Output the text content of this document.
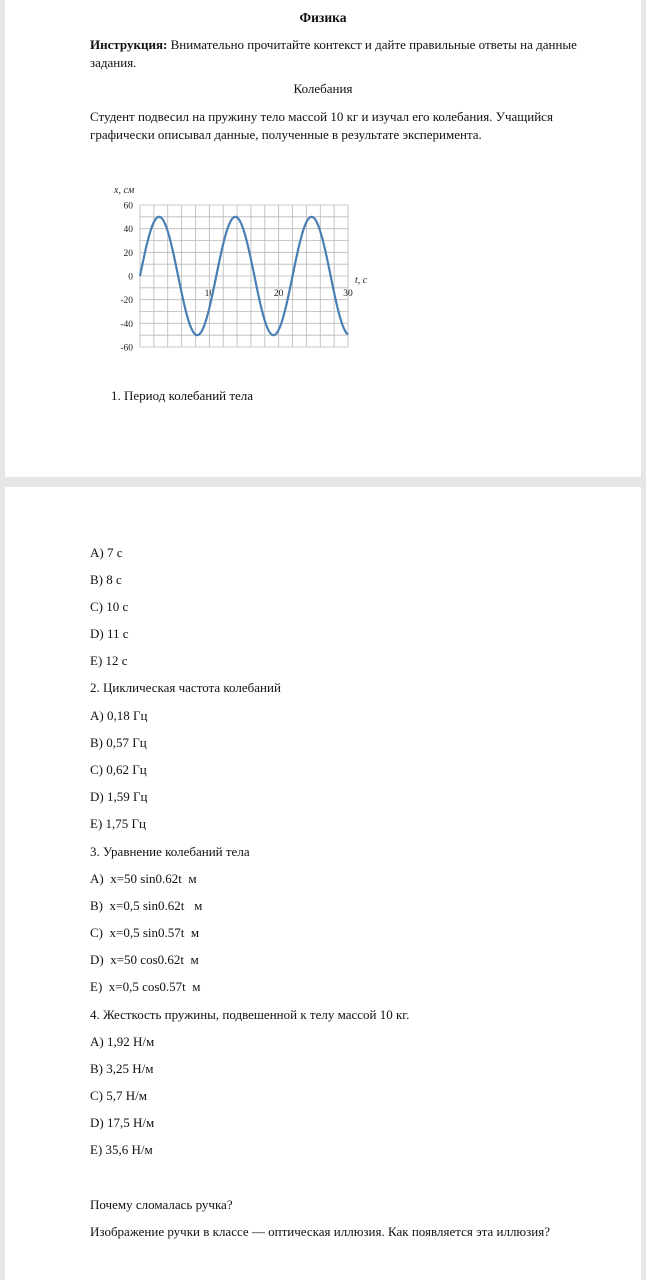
Физика

Инструкция: Внимательно прочитайте контекст и дайте правильные ответы на данные задания.

Колебания

Студент подвесил на пружину тело массой 10 кг и изучал его колебания. Учащийся графически описывал данные, полученные в результате эксперимента.

x, см
60
40
20
0
-20
-40
-60
10	20	30
t, c

1. Период колебаний тела

A) 7 с

B) 8 с

C) 10 с

D) 11 с

E) 12 с

2. Циклическая частота колебаний

A) 0,18 Гц

B) 0,57 Гц

C) 0,62 Гц

D) 1,59 Гц

E) 1,75 Гц

3. Уравнение колебаний тела

A)  x=50 sin0.62t  м

B)  x=0,5 sin0.62t   м

C)  x=0,5 sin0.57t  м

D)  x=50 cos0.62t  м

E)  x=0,5 cos0.57t  м

4. Жесткость пружины, подвешенной к телу массой 10 кг.

A) 1,92 Н/м

B) 3,25 Н/м

C) 5,7 Н/м

D) 17,5 Н/м

E) 35,6 Н/м

Почему сломалась ручка?

Изображение ручки в классе — оптическая иллюзия. Как появляется эта иллюзия?
